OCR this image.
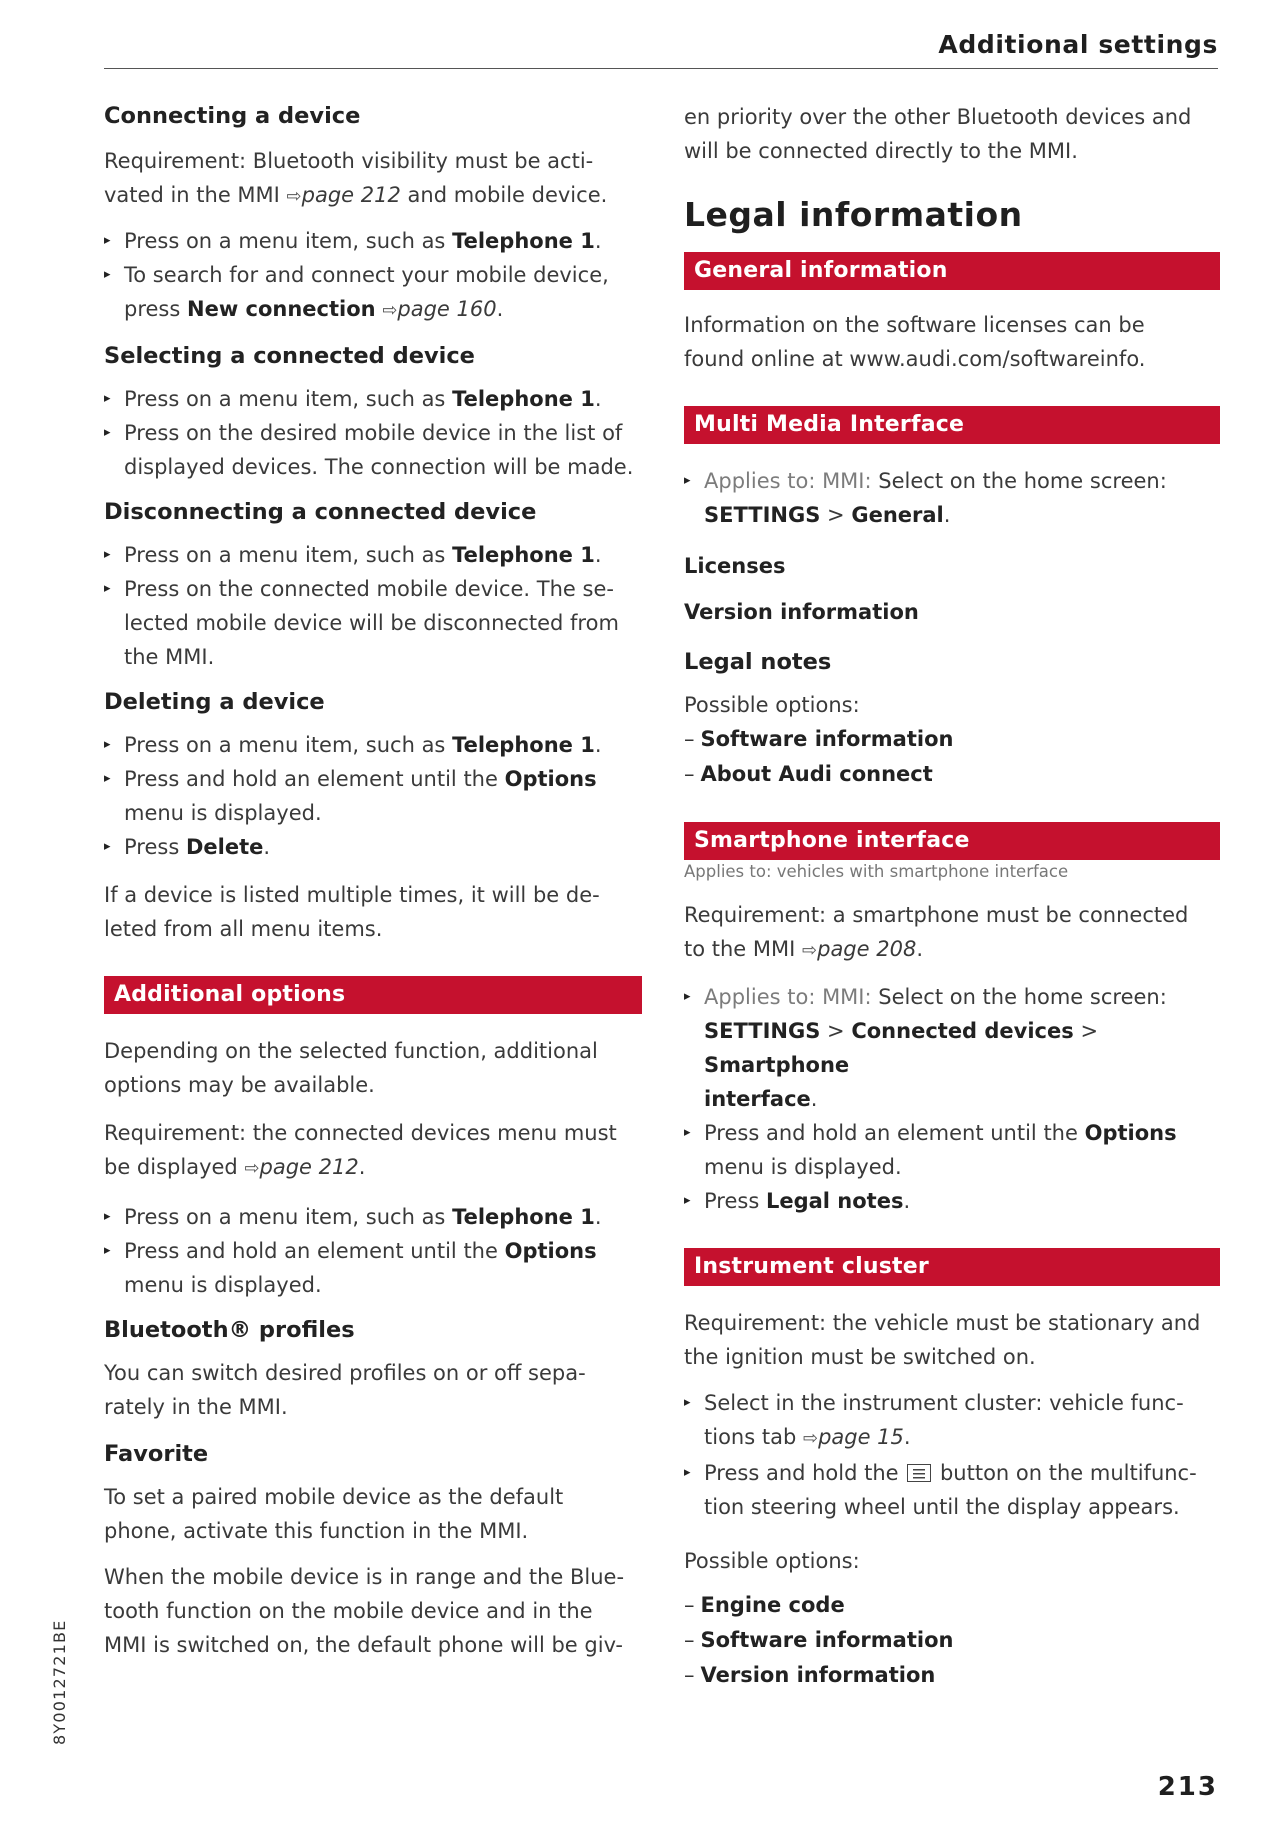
Additional settings
Connecting a device

Requirement: Bluetooth visibility must be acti-
vated in the MMI ⇨page 212 and mobile device.

▸ Press on a menu item, such as Telephone 1.
▸ To search for and connect your mobile device,
press New connection ⇨page 160.
Selecting a connected device
▸ Press on a menu item, such as Telephone 1.
▸ Press on the desired mobile device in the list of
displayed devices. The connection will be made.
Disconnecting a connected device
▸ Press on a menu item, such as Telephone 1.
▸ Press on the connected mobile device. The se-
lected mobile device will be disconnected from
the MMI.
Deleting a device
▸ Press on a menu item, such as Telephone 1.
▸ Press and hold an element until the Options
menu is displayed.
▸ Press Delete.

If a device is listed multiple times, it will be de-
leted from all menu items.

Additional options

Depending on the selected function, additional
options may be available.

Requirement: the connected devices menu must
be displayed ⇨page 212.

▸ Press on a menu item, such as Telephone 1.
▸ Press and hold an element until the Options
menu is displayed.
Bluetooth® profiles

You can switch desired profiles on or off sepa-
rately in the MMI.

Favorite

To set a paired mobile device as the default
phone, activate this function in the MMI.

When the mobile device is in range and the Blue-
tooth function on the mobile device and in the
MMI is switched on, the default phone will be giv-

en priority over the other Bluetooth devices and
will be connected directly to the MMI.

Legal information
General information

Information on the software licenses can be
found online at www.audi.com/softwareinfo.

Multi Media Interface
▸ Applies to: MMI: Select on the home screen:
SETTINGS > General.
Licenses
Version information
Legal notes

Possible options:

– Software information
– About Audi connect
Smartphone interface
Applies to: vehicles with smartphone interface

Requirement: a smartphone must be connected
to the MMI ⇨page 208.

▸ Applies to: MMI: Select on the home screen:
SETTINGS > Connected devices > Smartphone
interface.
▸ Press and hold an element until the Options
menu is displayed.
▸ Press Legal notes.
Instrument cluster

Requirement: the vehicle must be stationary and
the ignition must be switched on.

▸ Select in the instrument cluster: vehicle func-
tions tab ⇨page 15.
▸ Press and hold the button on the multifunc-
tion steering wheel until the display appears.

Possible options:

– Engine code
– Software information
– Version information
8Y0012721BE
213
